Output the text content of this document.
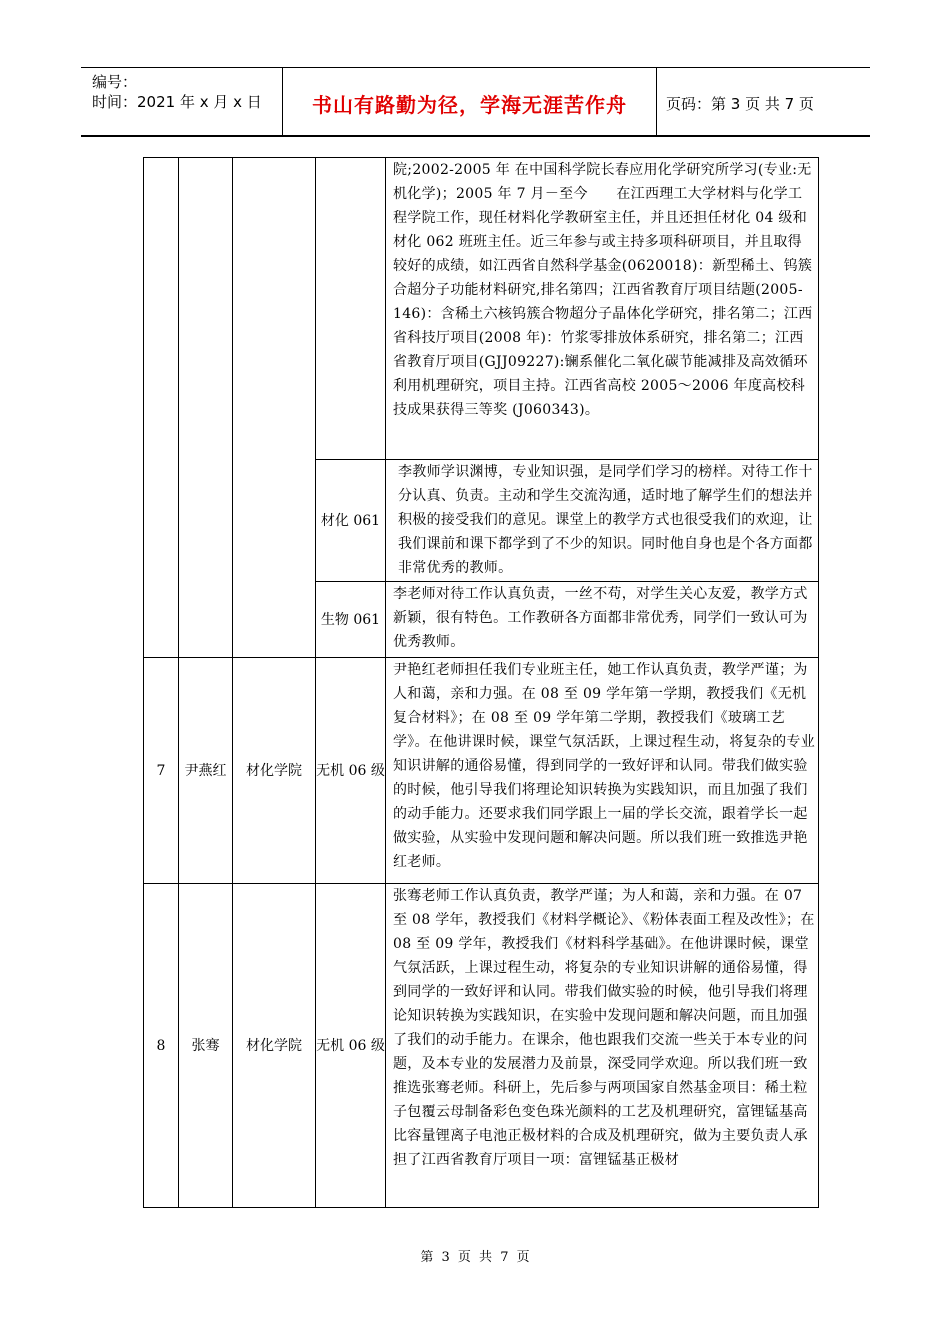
编号：
时间：2021 年 x 月 x 日	书山有路勤为径，学海无涯苦作舟	页码：第 3 页 共 7 页
				院;2002-2005 年 在中国科学院长春应用化学研究所学习(专业:无机化学)；2005 年 7 月－至今　　在江西理工大学材料与化学工程学院工作，现任材料化学教研室主任，并且还担任材化 04 级和材化 062 班班主任。近三年参与或主持多项科研项目，并且取得较好的成绩，如江西省自然科学基金(0620018)：新型稀土、钨簇合超分子功能材料研究,排名第四；江西省教育厅项目结题(2005-146)：含稀土六核钨簇合物超分子晶体化学研究，排名第二；江西省科技厅项目(2008 年)：竹浆零排放体系研究，排名第二；江西省教育厅项目(GJJ09227):镧系催化二氧化碳节能减排及高效循环利用机理研究，项目主持。江西省高校 2005～2006 年度高校科技成果获得三等奖 (J060343)。
			材化 061	李教师学识渊博，专业知识强，是同学们学习的榜样。对待工作十分认真、负责。主动和学生交流沟通，适时地了解学生们的想法并积极的接受我们的意见。课堂上的教学方式也很受我们的欢迎，让我们课前和课下都学到了不少的知识。同时他自身也是个各方面都非常优秀的教师。
			生物 061	李老师对待工作认真负责，一丝不苟，对学生关心友爱，教学方式新颖，很有特色。工作教研各方面都非常优秀，同学们一致认可为优秀教师。
7	尹燕红	材化学院	无机 06 级	尹艳红老师担任我们专业班主任，她工作认真负责，教学严谨；为人和蔼，亲和力强。在 08 至 09 学年第一学期，教授我们《无机复合材料》；在 08 至 09 学年第二学期，教授我们《玻璃工艺学》。在他讲课时候，课堂气氛活跃，上课过程生动，将复杂的专业知识讲解的通俗易懂，得到同学的一致好评和认同。带我们做实验的时候，他引导我们将理论知识转换为实践知识，而且加强了我们的动手能力。还要求我们同学跟上一届的学长交流，跟着学长一起做实验，从实验中发现问题和解决问题。所以我们班一致推选尹艳红老师。
8	张骞	材化学院	无机 06 级	张骞老师工作认真负责，教学严谨；为人和蔼，亲和力强。在 07 至 08 学年，教授我们《材料学概论》、《粉体表面工程及改性》；在 08 至 09 学年，教授我们《材料科学基础》。在他讲课时候，课堂气氛活跃，上课过程生动，将复杂的专业知识讲解的通俗易懂，得到同学的一致好评和认同。带我们做实验的时候，他引导我们将理论知识转换为实践知识，在实验中发现问题和解决问题，而且加强了我们的动手能力。在课余，他也跟我们交流一些关于本专业的问题，及本专业的发展潜力及前景，深受同学欢迎。所以我们班一致推选张骞老师。科研上，先后参与两项国家自然基金项目：稀土粒子包覆云母制备彩色变色珠光颜料的工艺及机理研究，富锂锰基高比容量锂离子电池正极材料的合成及机理研究，做为主要负责人承担了江西省教育厅项目一项：富锂锰基正极材
第 3 页 共 7 页
